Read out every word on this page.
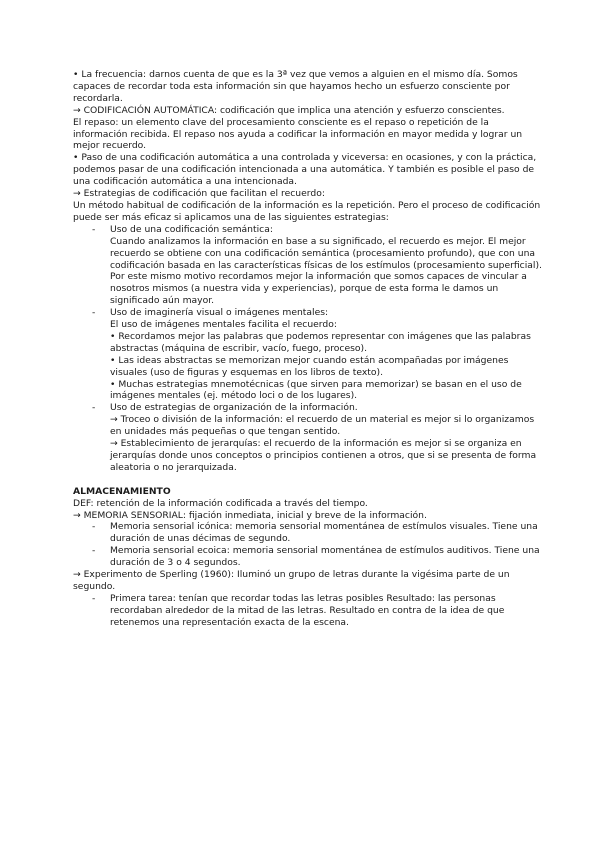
• La frecuencia: darnos cuenta de que es la 3ª vez que vemos a alguien en el mismo día. Somos capaces de recordar toda esta información sin que hayamos hecho un esfuerzo consciente por recordarla.

→ CODIFICACIÓN AUTOMÁTICA: codificación que implica una atención y esfuerzo conscientes.

El repaso: un elemento clave del procesamiento consciente es el repaso o repetición de la información recibida. El repaso nos ayuda a codificar la información en mayor medida y lograr un mejor recuerdo.

• Paso de una codificación automática a una controlada y viceversa: en ocasiones, y con la práctica, podemos pasar de una codificación intencionada a una automática. Y también es posible el paso de una codificación automática a una intencionada.

→ Estrategias de codificación que facilitan el recuerdo:

Un método habitual de codificación de la información es la repetición. Pero el proceso de codificación puede ser más eficaz si aplicamos una de las siguientes estrategias:

- Uso de una codificación semántica:
Cuando analizamos la información en base a su significado, el recuerdo es mejor. El mejor recuerdo se obtiene con una codificación semántica (procesamiento profundo), que con una codificación basada en las características físicas de los estímulos (procesamiento superficial). Por este mismo motivo recordamos mejor la información que somos capaces de vincular a nosotros mismos (a nuestra vida y experiencias), porque de esta forma le damos un significado aún mayor.
- Uso de imaginería visual o imágenes mentales:
El uso de imágenes mentales facilita el recuerdo:
• Recordamos mejor las palabras que podemos representar con imágenes que las palabras abstractas (máquina de escribir, vacío, fuego, proceso).
• Las ideas abstractas se memorizan mejor cuando están acompañadas por imágenes visuales (uso de figuras y esquemas en los libros de texto).
• Muchas estrategias mnemotécnicas (que sirven para memorizar) se basan en el uso de imágenes mentales (ej. método loci o de los lugares).
- Uso de estrategias de organización de la información.
→ Troceo o división de la información: el recuerdo de un material es mejor si lo organizamos en unidades más pequeñas o que tengan sentido.
→ Establecimiento de jerarquías: el recuerdo de la información es mejor si se organiza en jerarquías donde unos conceptos o principios contienen a otros, que si se presenta de forma aleatoria o no jerarquizada.

ALMACENAMIENTO

DEF: retención de la información codificada a través del tiempo.

→ MEMORIA SENSORIAL: fijación inmediata, inicial y breve de la información.

- Memoria sensorial icónica: memoria sensorial momentánea de estímulos visuales. Tiene una duración de unas décimas de segundo.
- Memoria sensorial ecoica: memoria sensorial momentánea de estímulos auditivos. Tiene una duración de 3 o 4 segundos.

→ Experimento de Sperling (1960): Iluminó un grupo de letras durante la vigésima parte de un segundo.

- Primera tarea: tenían que recordar todas las letras posibles Resultado: las personas recordaban alrededor de la mitad de las letras. Resultado en contra de la idea de que retenemos una representación exacta de la escena.
